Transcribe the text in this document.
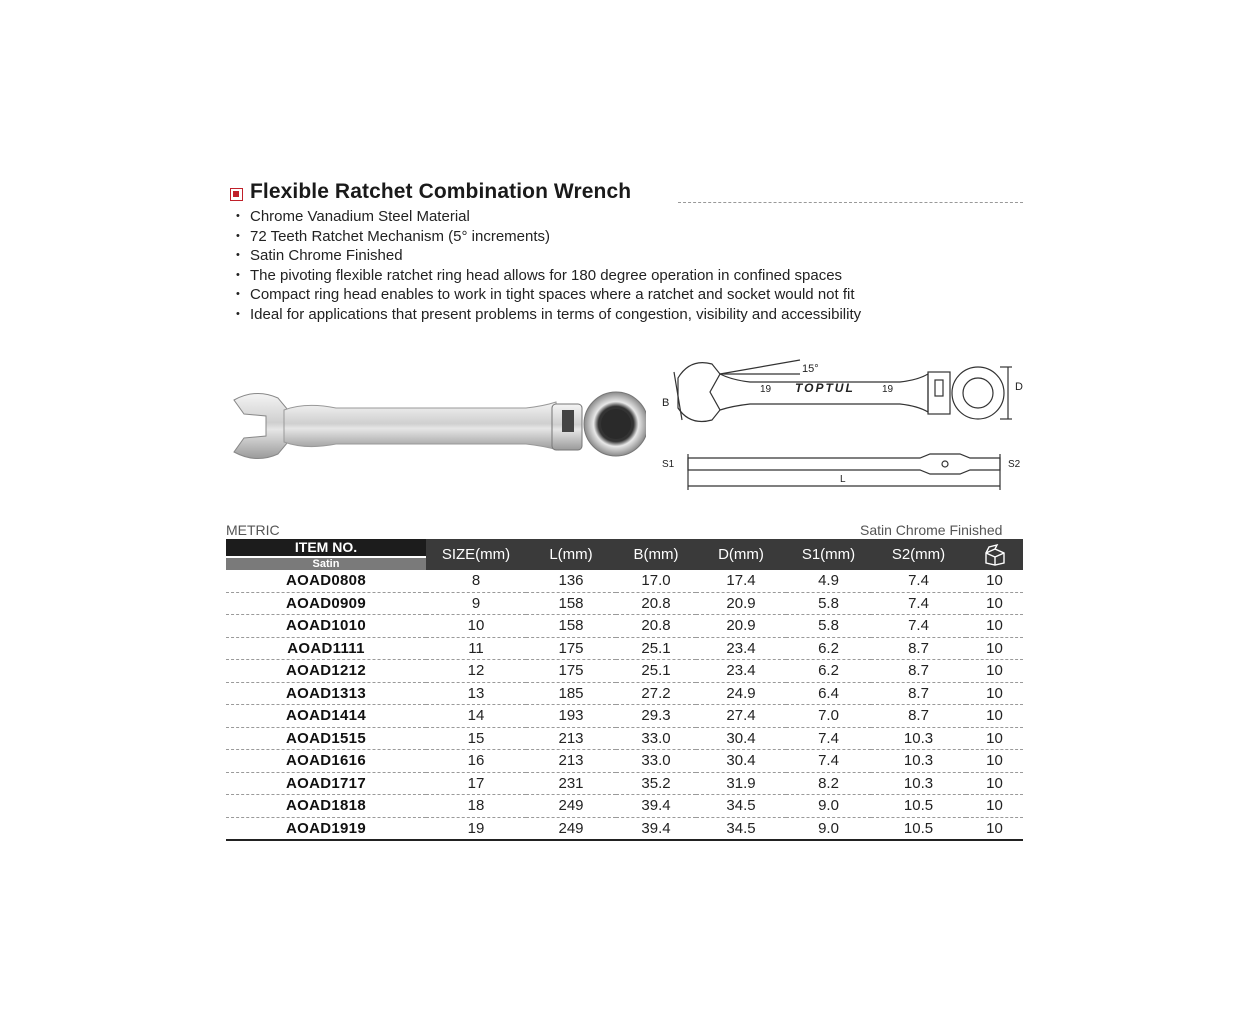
Flexible Ratchet Combination Wrench
• Chrome Vanadium Steel Material
• 72 Teeth Ratchet Mechanism (5° increments)
• Satin Chrome Finished
• The pivoting flexible ratchet ring head allows for 180 degree operation in confined spaces
• Compact ring head enables to work in tight spaces where a ratchet and socket would not fit
• Ideal for applications that present problems in terms of congestion, visibility and accessibility
15°
19 TOPTUL	19
B
D
S1	S2
L
METRIC	Satin Chrome Finished
ITEM NO.
Satin	SIZE(mm)	L(mm)	B(mm)	D(mm)	S1(mm)	S2(mm)	
AOAD0808	8	136	17.0	17.4	4.9	7.4	10
AOAD0909	9	158	20.8	20.9	5.8	7.4	10
AOAD1010	10	158	20.8	20.9	5.8	7.4	10
AOAD1111	11	175	25.1	23.4	6.2	8.7	10
AOAD1212	12	175	25.1	23.4	6.2	8.7	10
AOAD1313	13	185	27.2	24.9	6.4	8.7	10
AOAD1414	14	193	29.3	27.4	7.0	8.7	10
AOAD1515	15	213	33.0	30.4	7.4	10.3	10
AOAD1616	16	213	33.0	30.4	7.4	10.3	10
AOAD1717	17	231	35.2	31.9	8.2	10.3	10
AOAD1818	18	249	39.4	34.5	9.0	10.5	10
AOAD1919	19	249	39.4	34.5	9.0	10.5	10
